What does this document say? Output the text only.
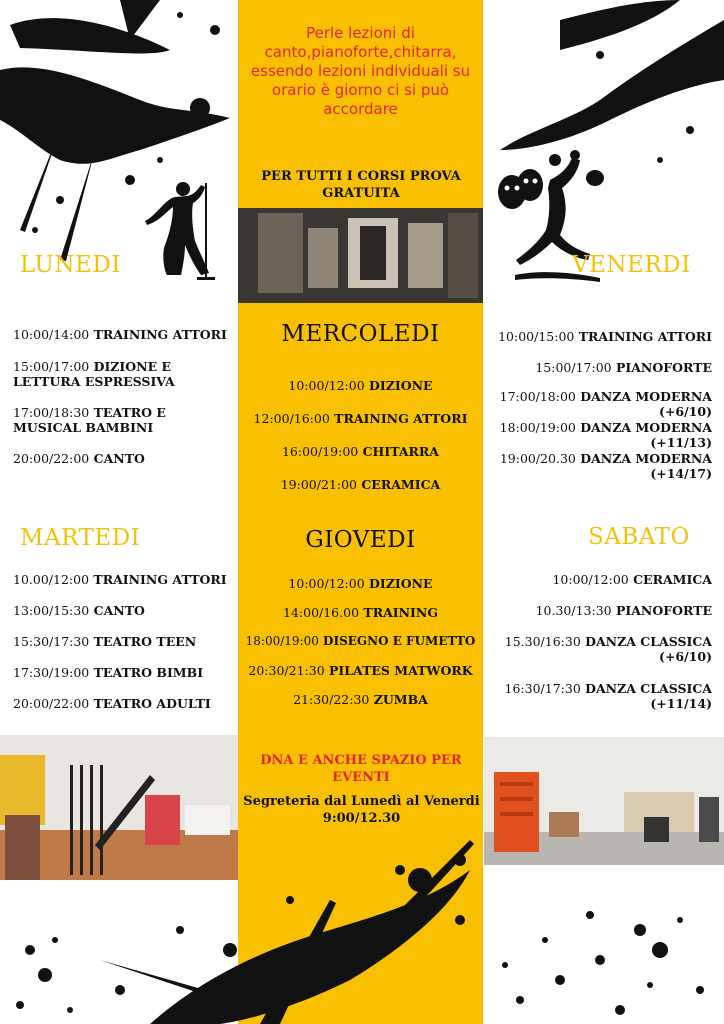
Perle lezioni di canto,pianoforte,chitarra, essendo lezioni individuali su orario è giorno ci si può accordare
PER TUTTI I CORSI PROVA GRATUITA
LUNEDI
10:00/14:00 TRAINING ATTORI
15:00/17:00 DIZIONE E
LETTURA ESPRESSIVA
17:00/18:30 TEATRO E
MUSICAL BAMBINI
20:00/22:00 CANTO
MARTEDI
10.00/12:00 TRAINING ATTORI
13:00/15:30 CANTO
15:30/17:30 TEATRO TEEN
17:30/19:00 TEATRO BIMBI
20:00/22:00 TEATRO ADULTI
MERCOLEDI
10:00/12:00 DIZIONE
12:00/16:00 TRAINING ATTORI
16:00/19:00 CHITARRA
19:00/21:00 CERAMICA
GIOVEDI
10:00/12:00 DIZIONE
14:00/16.00 TRAINING
18:00/19:00 DISEGNO E FUMETTO
20:30/21:30 PILATES MATWORK
21:30/22:30 ZUMBA
VENERDI
10:00/15:00 TRAINING ATTORI
15:00/17:00 PIANOFORTE
17:00/18:00 DANZA MODERNA
(+6/10)
18:00/19:00 DANZA MODERNA
(+11/13)
19:00/20.30 DANZA MODERNA
(+14/17)
SABATO
10:00/12:00 CERAMICA
10.30/13:30 PIANOFORTE
15.30/16:30 DANZA CLASSICA
(+6/10)
16:30/17:30 DANZA CLASSICA
(+11/14)
DNA E ANCHE SPAZIO PER EVENTI
Segreteria dal Lunedì al Venerdi
9:00/12.30
